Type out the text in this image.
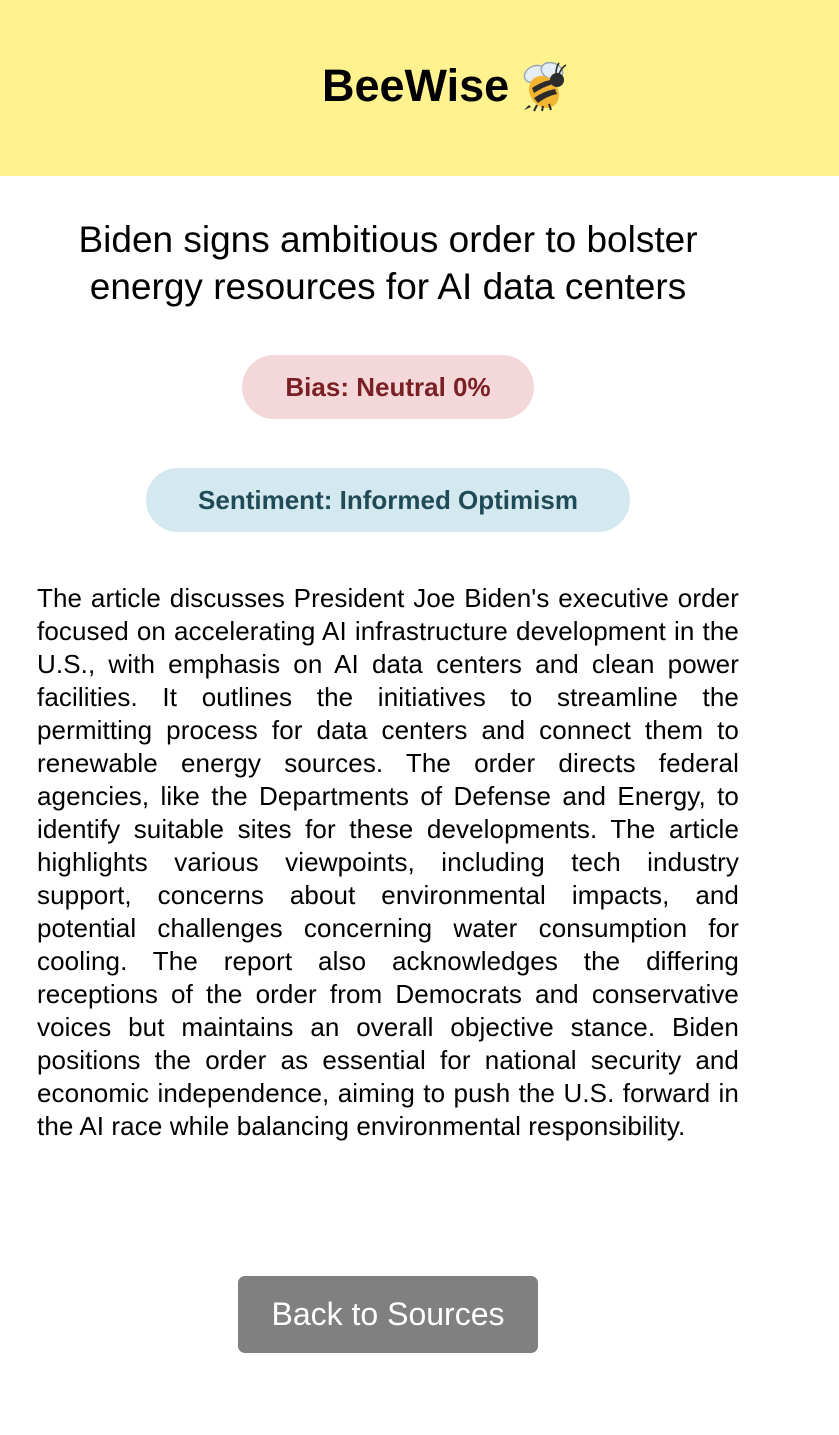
BeeWise
Biden signs ambitious order to bolster energy resources for AI data centers
Bias: Neutral 0%
Sentiment: Informed Optimism

The article discusses President Joe Biden's executive order focused on accelerating AI infrastructure development in the U.S., with emphasis on AI data centers and clean power facilities. It outlines the initiatives to streamline the permitting process for data centers and connect them to renewable energy sources. The order directs federal agencies, like the Departments of Defense and Energy, to identify suitable sites for these developments. The article highlights various viewpoints, including tech industry support, concerns about environmental impacts, and potential challenges concerning water consumption for cooling. The report also acknowledges the differing receptions of the order from Democrats and conservative voices but maintains an overall objective stance. Biden positions the order as essential for national security and economic independence, aiming to push the U.S. forward in the AI race while balancing environmental responsibility.

Back to Sources
